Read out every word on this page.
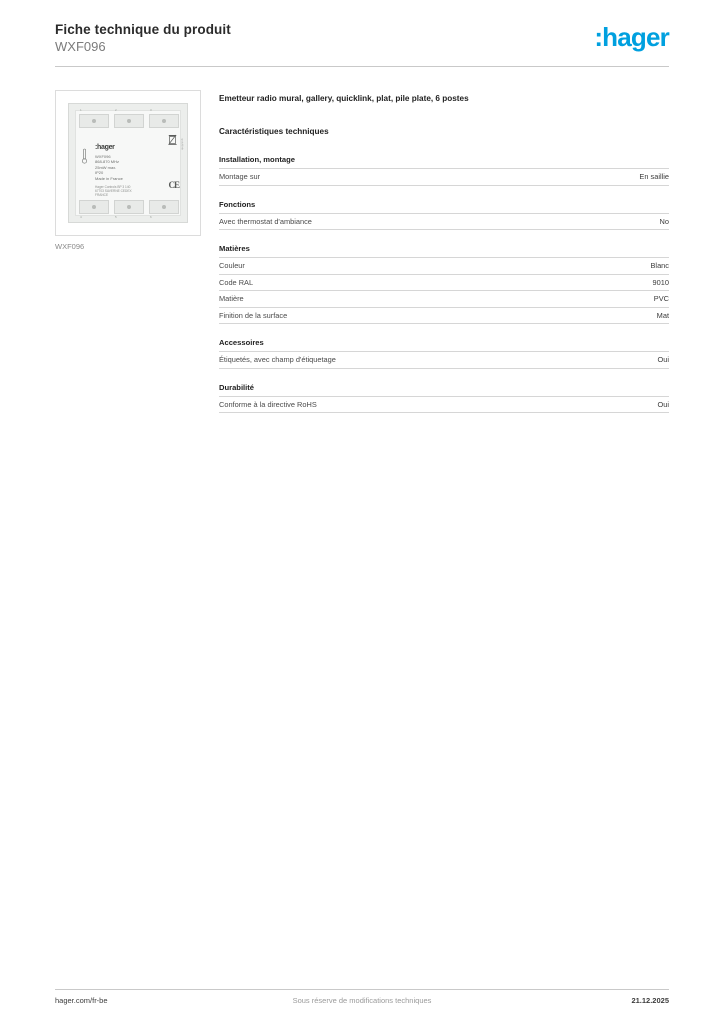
Fiche technique du produit
WXF096	:hager
1	2	3
4	5	6
:hager
WXF096
868-870 MHz
25mW max.
IP20
Made in France
Hager Controls BP 3 140
67703 SAVERNE CEDEX
FRANCE
CE
quicklink
WXF096
Emetteur radio mural, gallery, quicklink, plat, pile plate, 6 postes
Caractéristiques techniques
Installation, montage
Montage sur	En saillie
Fonctions
Avec thermostat d'ambiance	No
Matières
Couleur	Blanc
Code RAL	9010
Matière	PVC
Finition de la surface	Mat
Accessoires
Étiquetés, avec champ d'étiquetage	Oui
Durabilité
Conforme à la directive RoHS	Oui
hager.com/fr-be	Sous réserve de modifications techniques	21.12.2025
